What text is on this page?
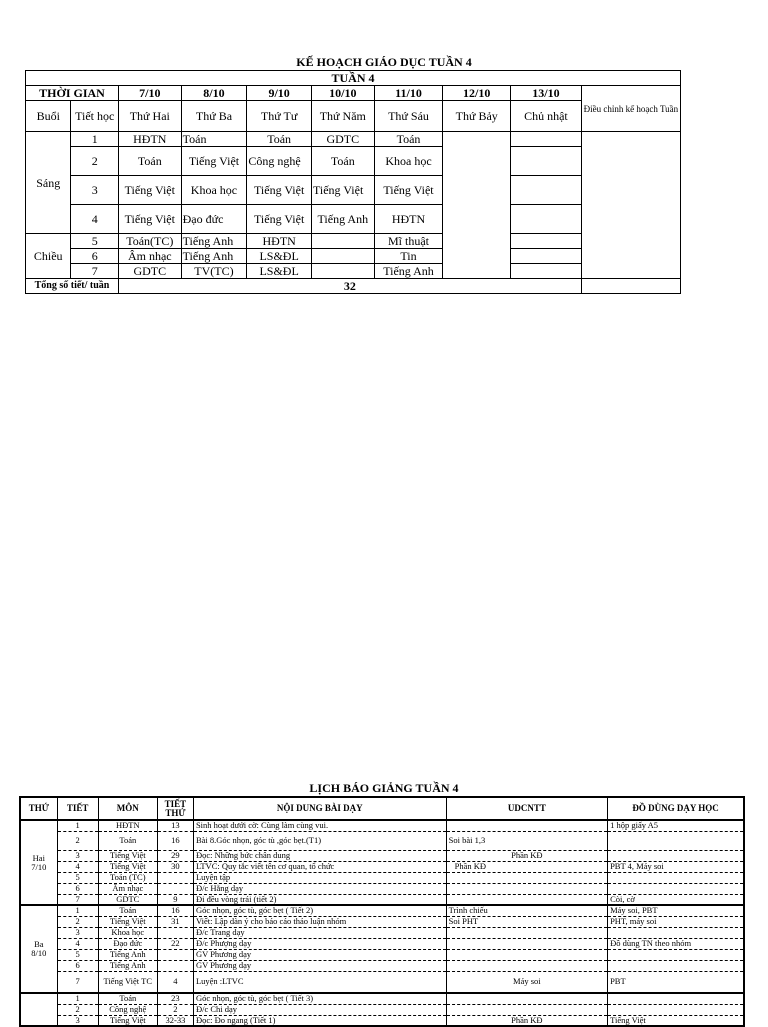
KẾ HOẠCH GIÁO DỤC TUẦN 4
TUẦN 4									
THỜI GIAN		7/10	8/10	9/10	10/10	11/10	12/10	13/10	Điều chỉnh kế hoạch Tuần
Buổi	Tiết học	Thứ Hai	Thứ Ba	Thứ Tư	Thứ Năm	Thứ Sáu	Thứ Bảy	Chủ nhật	
Sáng	1	HĐTN	Toán	Toán	GDTC	Toán			
	2	Toán	Tiếng Việt	Công nghệ	Toán	Khoa học			
	3	Tiếng Việt	Khoa học	Tiếng Việt	Tiếng Việt	Tiếng Việt			
	4	Tiếng Việt	Đạo đức	Tiếng Việt	Tiếng Anh	HĐTN			
Chiều	5	Toán(TC)	Tiếng Anh	HĐTN		Mĩ thuật			
	6	Âm nhạc	Tiếng Anh	LS&ĐL		Tin			
	7	GDTC	TV(TC)	LS&ĐL		Tiếng Anh			
Tổng số tiết/ tuần		32							
LỊCH BÁO GIẢNG TUẦN 4
THỨ	TIẾT	MÔN	TIẾT THỨ	NỘI DUNG BÀI DẠY	UDCNTT	ĐỒ DÙNG DẠY HỌC

Hai
7/10	1	HĐTN	13	Sinh hoạt dưới cờ: Cùng làm cùng vui.		1 hộp giấy A5
	2	Toán	16	Bài 8.Góc nhọn, góc tù ,góc bẹt.(T1)	Soi bài 1,3	
	3	Tiếng Việt	29	Đọc: Những bức chân dung	Phần KĐ	
	4	Tiếng Việt	30	LTVC: Quy tắc viết tên cơ quan, tổ chức	Phần KĐ	PBT 4, Máy soi
	5	Toán (TC)		Luyện tập		
	6	Âm nhạc		Đ/c Hằng dạy		
	7	GDTC	9	Đi đều vòng trái (tiết 2)		Còi, cờ

Ba
8/10	1	Toán	16	Góc nhọn, góc tù, góc bẹt ( Tiết 2)	Trình chiếu	Máy soi, PBT
	2	Tiếng Việt	31	Viết: Lập dàn ý cho báo cáo thảo luận nhóm	Soi PHT	PHT, máy soi
	3	Khoa học		Đ/c Trang dạy		
	4	Đạo đức	22	Đ/c Phượng dạy		Đồ dùng TN theo nhóm
	5	Tiếng Anh		GV Phương dạy		
	6	Tiếng Anh		GV Phương dạy		
	7	Tiếng Việt TC	4	Luyện :LTVC	Máy soi	PBT

	1	Toán	23	Góc nhọn, góc tù, góc bẹt ( Tiết 3)		
	2	Công nghệ	2	Đ/c Chi dạy		
	3	Tiếng Việt	32-33	Đọc: Đo ngang (Tiết 1)	Phần KĐ	Tiếng Việt
